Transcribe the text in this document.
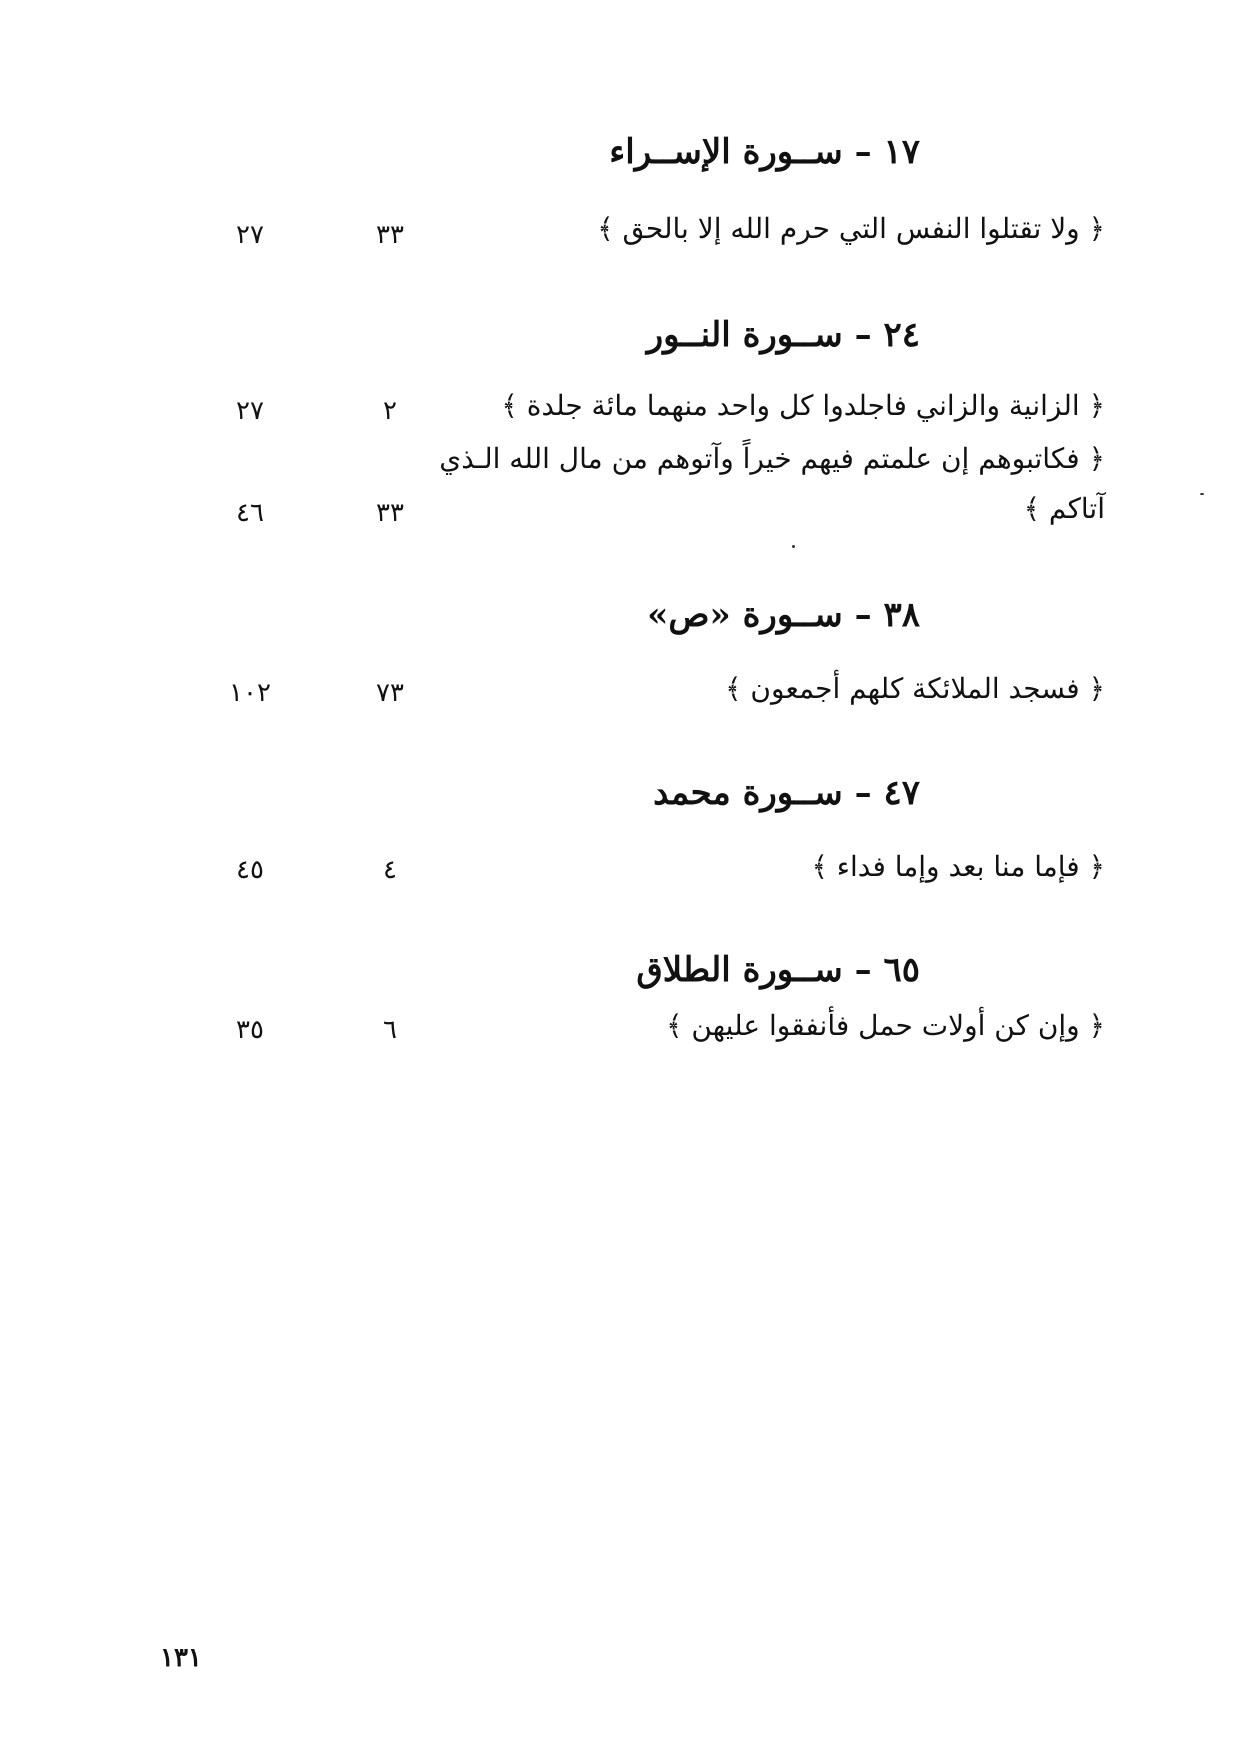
١٧ – ســورة الإســراء
﴿ ولا تقتلوا النفس التي حرم الله إلا بالحق ﴾
٣٣
٢٧
٢٤ – ســورة النــور
﴿ الزانية والزاني فاجلدوا كل واحد منهما مائة جلدة ﴾
٢
٢٧
﴿ فكاتبوهم إن علمتم فيهم خيراً وآتوهم من مال الله الـذي
آتاكم ﴾
٣٣
٤٦
٣٨ – ســورة «ص»
﴿ فسجد الملائكة كلهم أجمعون ﴾
٧٣
١٠٢
٤٧ – ســورة محمد
﴿ فإما منا بعد وإما فداء ﴾
٤
٤٥
٦٥ – ســورة الطلاق
﴿ وإن كن أولات حمل فأنفقوا عليهن ﴾
٦
٣٥
١٣١
